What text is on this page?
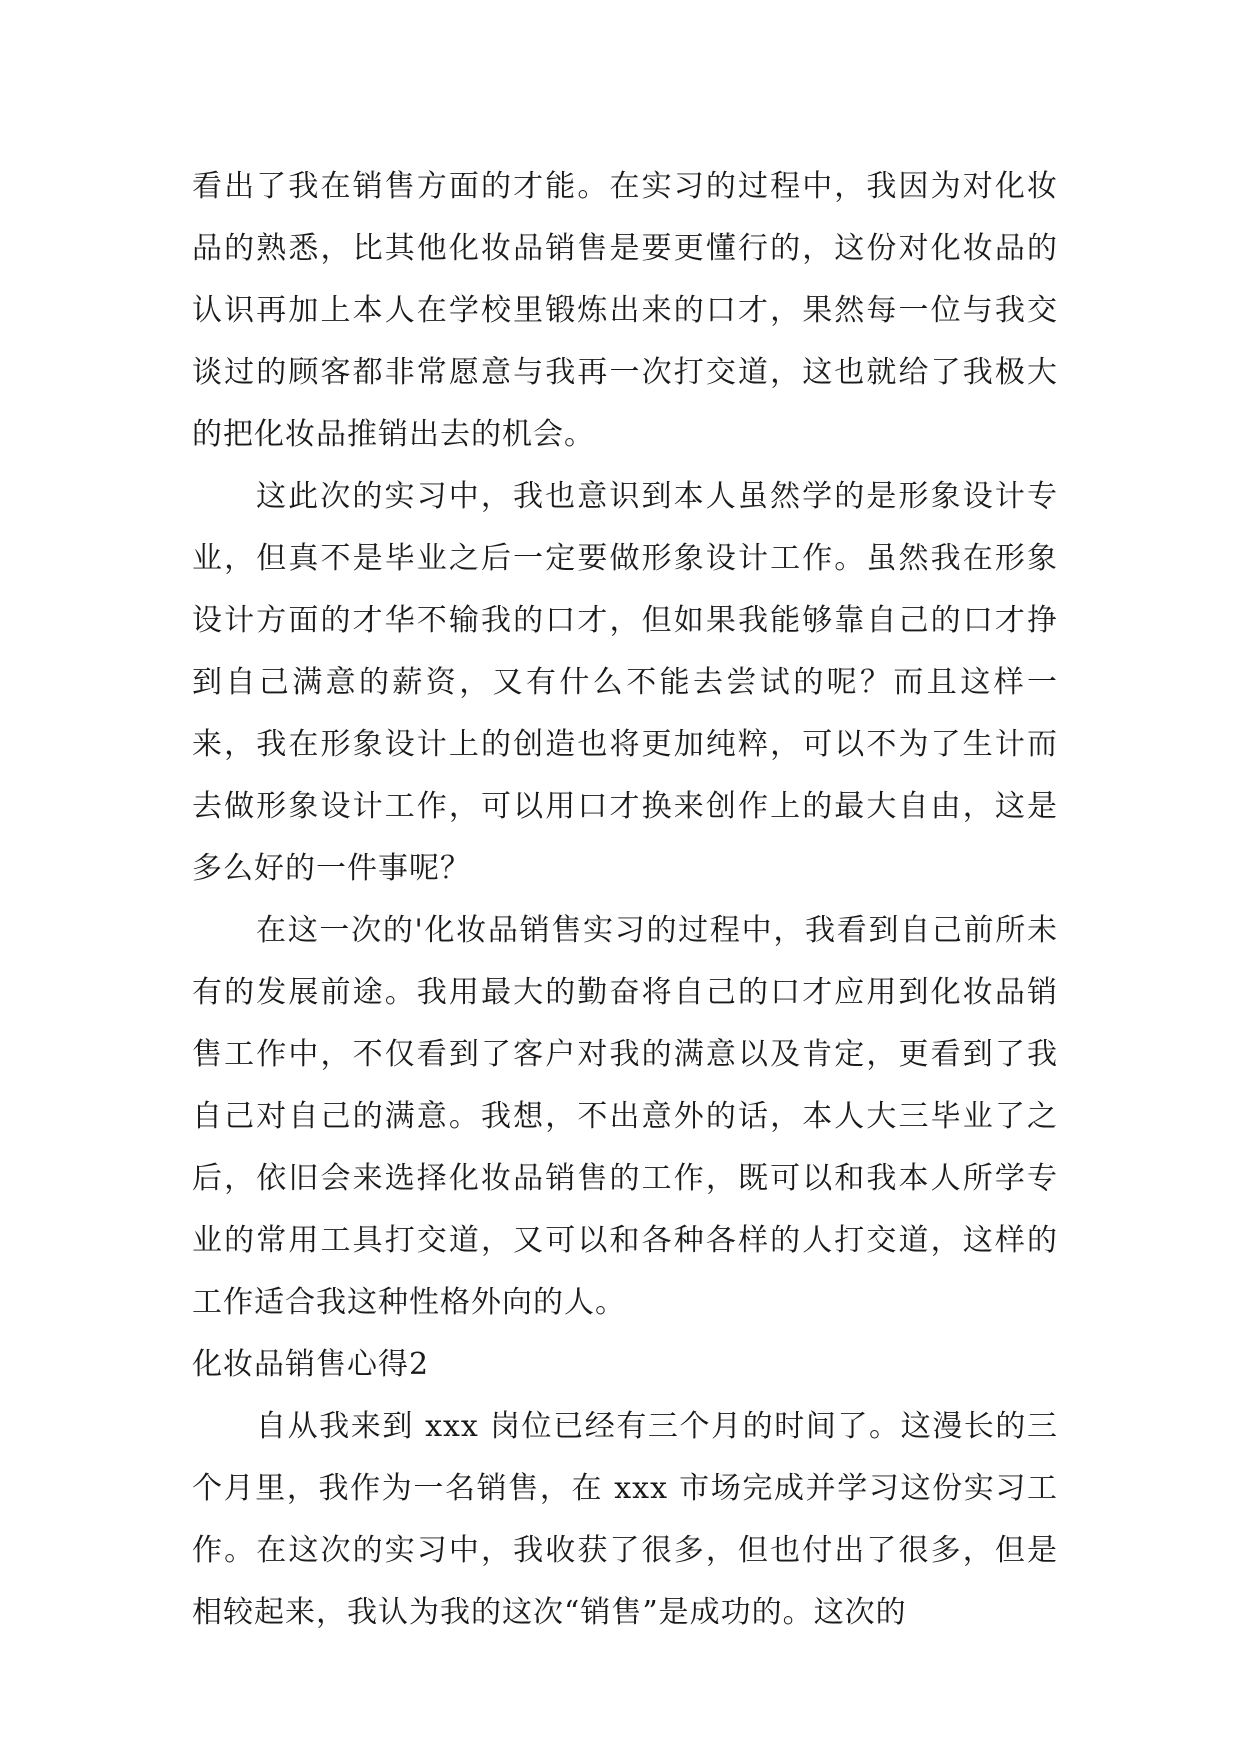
看出了我在销售方面的才能。在实习的过程中，我因为对化妆品的熟悉，比其他化妆品销售是要更懂行的，这份对化妆品的认识再加上本人在学校里锻炼出来的口才，果然每一位与我交谈过的顾客都非常愿意与我再一次打交道，这也就给了我极大的把化妆品推销出去的机会。

这此次的实习中，我也意识到本人虽然学的是形象设计专业，但真不是毕业之后一定要做形象设计工作。虽然我在形象设计方面的才华不输我的口才，但如果我能够靠自己的口才挣到自己满意的薪资，又有什么不能去尝试的呢？而且这样一来，我在形象设计上的创造也将更加纯粹，可以不为了生计而去做形象设计工作，可以用口才换来创作上的最大自由，这是多么好的一件事呢？

在这一次的'化妆品销售实习的过程中，我看到自己前所未有的发展前途。我用最大的勤奋将自己的口才应用到化妆品销售工作中，不仅看到了客户对我的满意以及肯定，更看到了我自己对自己的满意。我想，不出意外的话，本人大三毕业了之后，依旧会来选择化妆品销售的工作，既可以和我本人所学专业的常用工具打交道，又可以和各种各样的人打交道，这样的工作适合我这种性格外向的人。

化妆品销售心得2

自从我来到 xxx 岗位已经有三个月的时间了。这漫长的三个月里，我作为一名销售，在 xxx 市场完成并学习这份实习工作。在这次的实习中，我收获了很多，但也付出了很多，但是相较起来，我认为我的这次“销售”是成功的。这次的
